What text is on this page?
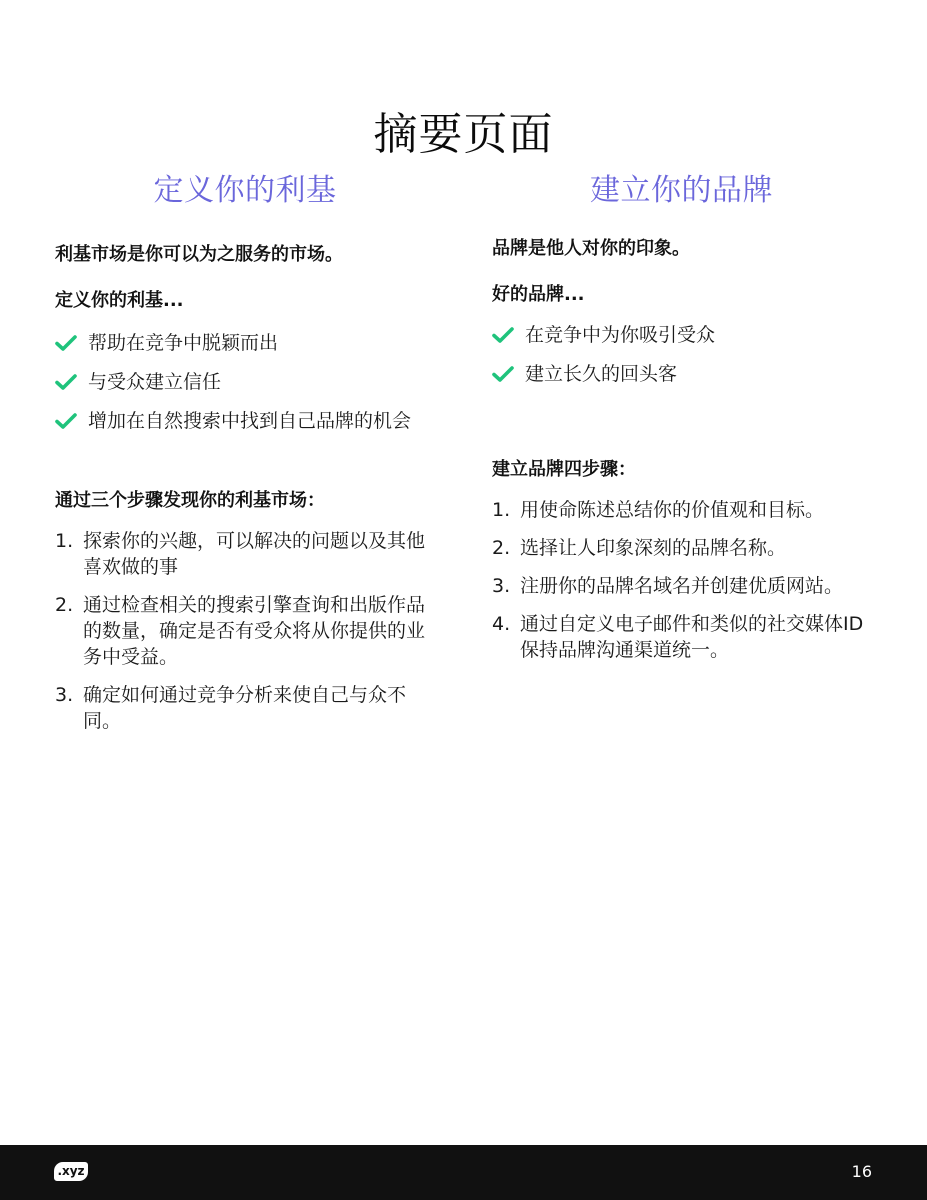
摘要页面
定义你的利基

利基市场是你可以为之服务的市场。

定义你的利基...

帮助在竞争中脱颖而出
与受众建立信任
增加在自然搜索中找到自己品牌的机会

通过三个步骤发现你的利基市场：

1. 探索你的兴趣，可以解决的问题以及其他喜欢做的事
2. 通过检查相关的搜索引擎查询和出版作品的数量，确定是否有受众将从你提供的业务中受益。
3. 确定如何通过竞争分析来使自己与众不同。
建立你的品牌

品牌是他人对你的印象。

好的品牌...

在竞争中为你吸引受众
建立长久的回头客

建立品牌四步骤：

1. 用使命陈述总结你的价值观和目标。
2. 选择让人印象深刻的品牌名称。
3. 注册你的品牌名域名并创建优质网站。
4. 通过自定义电子邮件和类似的社交媒体ID保持品牌沟通渠道统一。
.xyz	16
